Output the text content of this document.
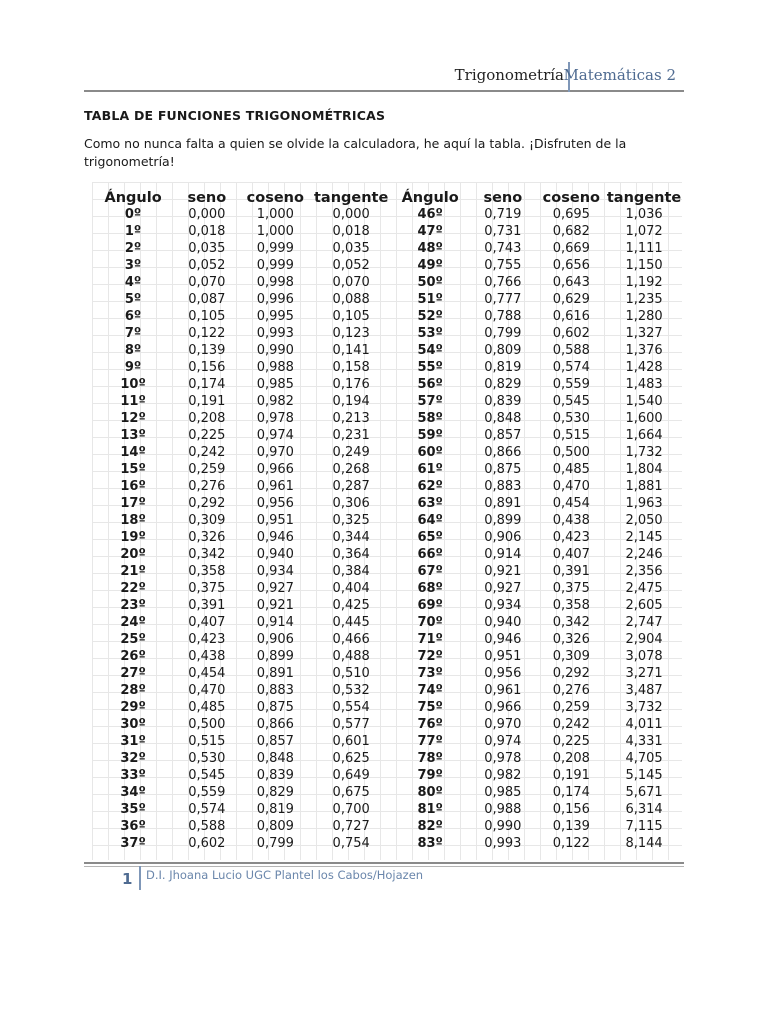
Trigonometría Matemáticas 2
TABLA DE FUNCIONES TRIGONOMÉTRICAS
Como no nunca falta a quien se olvide la calculadora, he aquí la tabla. ¡Disfruten de la
trigonometría!
Ángulo	seno	coseno	tangente	Ángulo	seno	coseno	tangente
0º	0,000	1,000	0,000	46º	0,719	0,695	1,036
1º	0,018	1,000	0,018	47º	0,731	0,682	1,072
2º	0,035	0,999	0,035	48º	0,743	0,669	1,111
3º	0,052	0,999	0,052	49º	0,755	0,656	1,150
4º	0,070	0,998	0,070	50º	0,766	0,643	1,192
5º	0,087	0,996	0,088	51º	0,777	0,629	1,235
6º	0,105	0,995	0,105	52º	0,788	0,616	1,280
7º	0,122	0,993	0,123	53º	0,799	0,602	1,327
8º	0,139	0,990	0,141	54º	0,809	0,588	1,376
9º	0,156	0,988	0,158	55º	0,819	0,574	1,428
10º	0,174	0,985	0,176	56º	0,829	0,559	1,483
11º	0,191	0,982	0,194	57º	0,839	0,545	1,540
12º	0,208	0,978	0,213	58º	0,848	0,530	1,600
13º	0,225	0,974	0,231	59º	0,857	0,515	1,664
14º	0,242	0,970	0,249	60º	0,866	0,500	1,732
15º	0,259	0,966	0,268	61º	0,875	0,485	1,804
16º	0,276	0,961	0,287	62º	0,883	0,470	1,881
17º	0,292	0,956	0,306	63º	0,891	0,454	1,963
18º	0,309	0,951	0,325	64º	0,899	0,438	2,050
19º	0,326	0,946	0,344	65º	0,906	0,423	2,145
20º	0,342	0,940	0,364	66º	0,914	0,407	2,246
21º	0,358	0,934	0,384	67º	0,921	0,391	2,356
22º	0,375	0,927	0,404	68º	0,927	0,375	2,475
23º	0,391	0,921	0,425	69º	0,934	0,358	2,605
24º	0,407	0,914	0,445	70º	0,940	0,342	2,747
25º	0,423	0,906	0,466	71º	0,946	0,326	2,904
26º	0,438	0,899	0,488	72º	0,951	0,309	3,078
27º	0,454	0,891	0,510	73º	0,956	0,292	3,271
28º	0,470	0,883	0,532	74º	0,961	0,276	3,487
29º	0,485	0,875	0,554	75º	0,966	0,259	3,732
30º	0,500	0,866	0,577	76º	0,970	0,242	4,011
31º	0,515	0,857	0,601	77º	0,974	0,225	4,331
32º	0,530	0,848	0,625	78º	0,978	0,208	4,705
33º	0,545	0,839	0,649	79º	0,982	0,191	5,145
34º	0,559	0,829	0,675	80º	0,985	0,174	5,671
35º	0,574	0,819	0,700	81º	0,988	0,156	6,314
36º	0,588	0,809	0,727	82º	0,990	0,139	7,115
37º	0,602	0,799	0,754	83º	0,993	0,122	8,144
1 D.I. Jhoana Lucio UGC Plantel los Cabos/Hojazen
